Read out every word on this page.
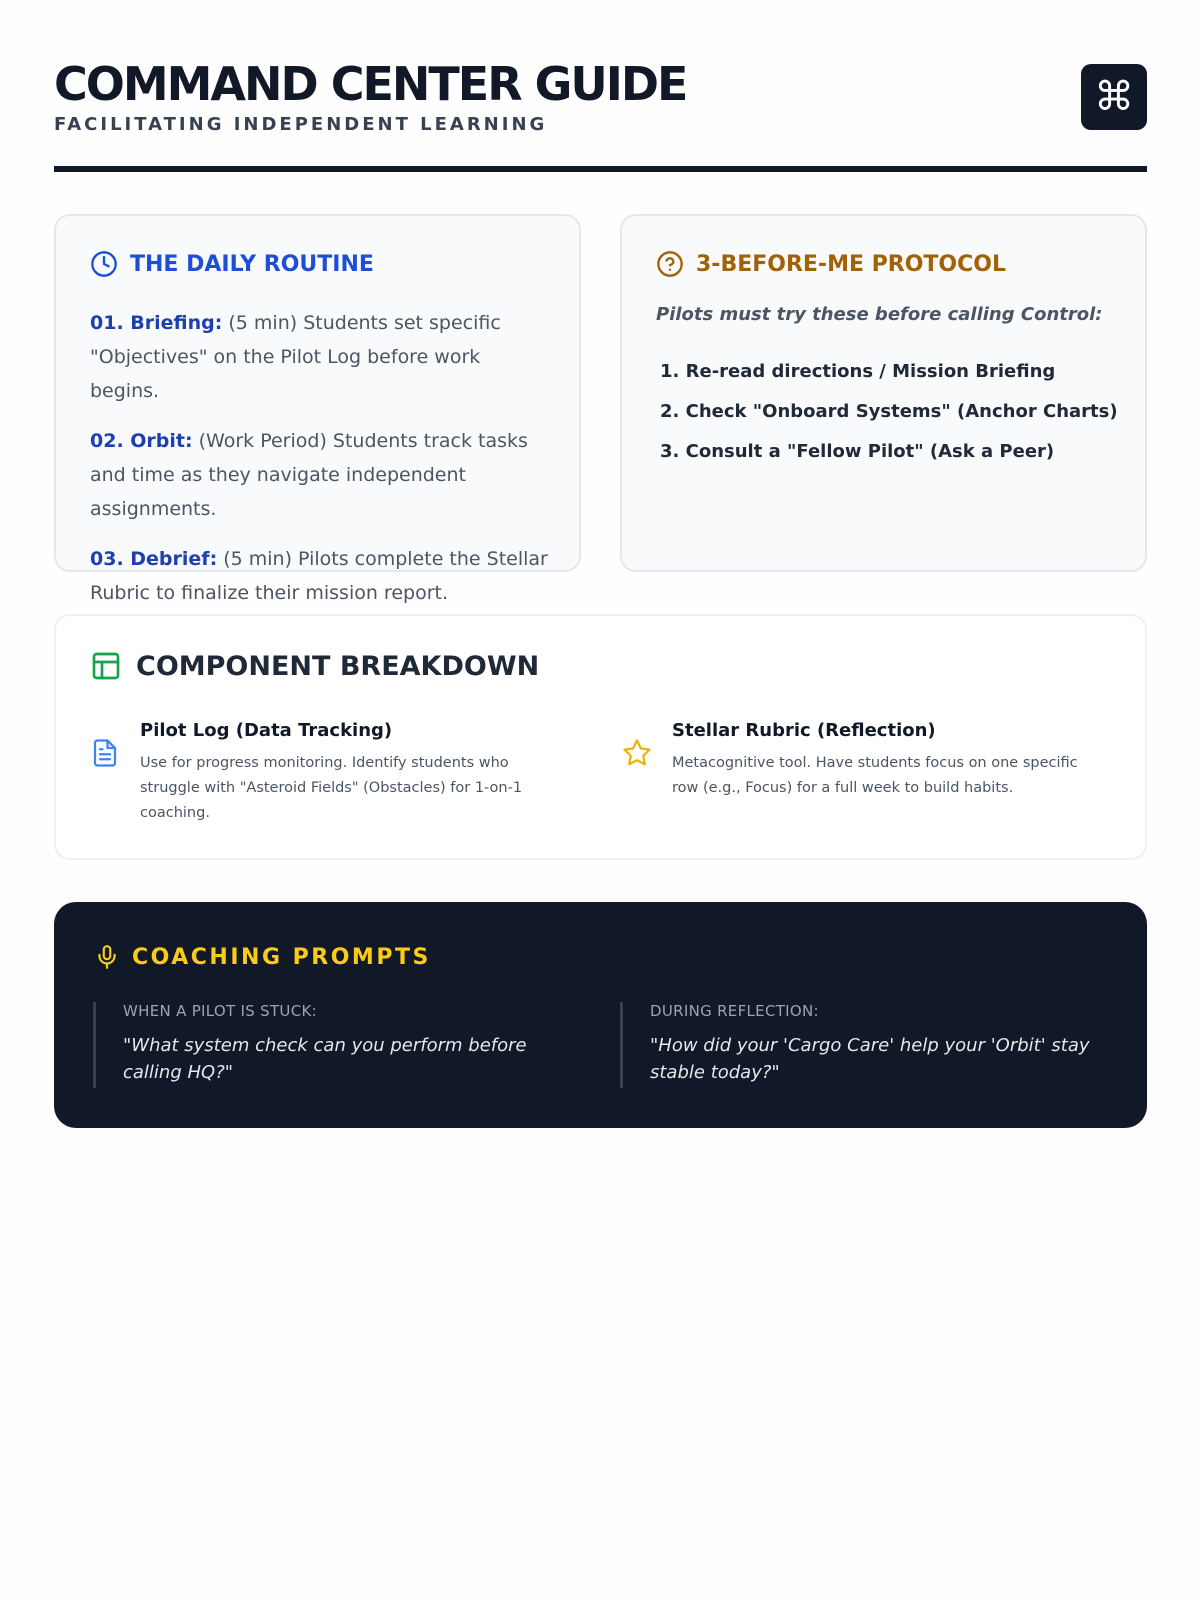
COMMAND CENTER GUIDE
FACILITATING INDEPENDENT LEARNING
⌘
THE DAILY ROUTINE

01. Briefing: (5 min) Students set specific "Objectives" on the Pilot Log before work begins.

02. Orbit: (Work Period) Students track tasks and time as they navigate independent assignments.

03. Debrief: (5 min) Pilots complete the Stellar Rubric to finalize their mission report.

3-BEFORE-ME PROTOCOL
Pilots must try these before calling Control:
1. Re-read directions / Mission Briefing
2. Check "Onboard Systems" (Anchor Charts)
3. Consult a "Fellow Pilot" (Ask a Peer)
COMPONENT BREAKDOWN
Pilot Log (Data Tracking)
Use for progress monitoring. Identify students who struggle with "Asteroid Fields" (Obstacles) for 1-on-1 coaching.
Stellar Rubric (Reflection)
Metacognitive tool. Have students focus on one specific row (e.g., Focus) for a full week to build habits.
COACHING PROMPTS
WHEN A PILOT IS STUCK:
"What system check can you perform before calling HQ?"
DURING REFLECTION:
"How did your 'Cargo Care' help your 'Orbit' stay stable today?"
